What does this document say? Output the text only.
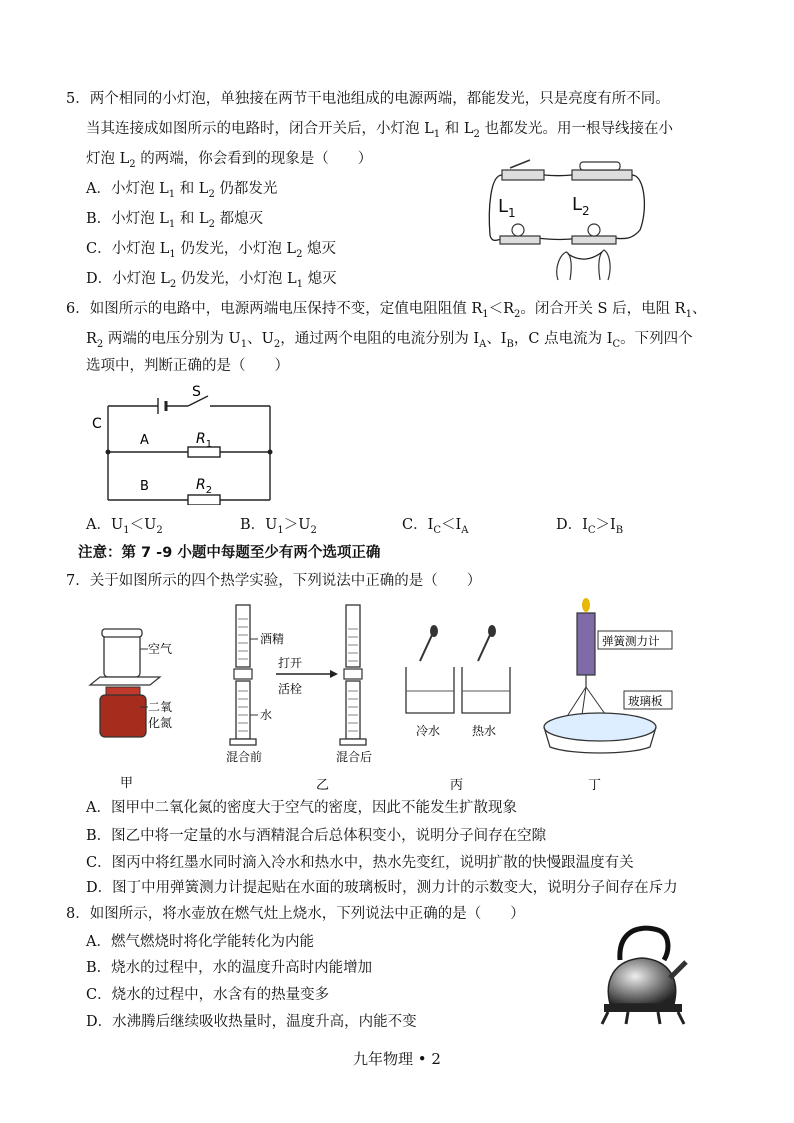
5．两个相同的小灯泡，单独接在两节干电池组成的电源两端，都能发光，只是亮度有所不同。
当其连接成如图所示的电路时，闭合开关后，小灯泡 $L_1$ 和 $L_2$ 也都发光。用一根导线接在小
灯泡 $L_2$ 的两端，你会看到的现象是（　　）
A．小灯泡 $L_1$ 和 $L_2$ 仍都发光
B．小灯泡 $L_1$ 和 $L_2$ 都熄灭
C．小灯泡 $L_1$ 仍发光，小灯泡 $L_2$ 熄灭
D．小灯泡 $L_2$ 仍发光，小灯泡 $L_1$ 熄灭
$L_1$	$L_2$
6．如图所示的电路中，电源两端电压保持不变，定值电阻阻值 $R_1<R_2$。闭合开关 S 后，电阻 $R_1$、
$R_2$ 两端的电压分别为 $U_1$、$U_2$，通过两个电阻的电流分别为 $I_A$、$I_B$，C 点电流为 $I_C$。下列四个
选项中，判断正确的是（　　）
S
C
A
B
$R_1$
$R_2$
A．$U_1<U_2$	B．$U_1>U_2$	C．$I_C<I_A$	D．$I_C>I_B$
注意：第 7 -9 小题中每题至少有两个选项正确
7．关于如图所示的四个热学实验，下列说法中正确的是（　　）
空气
二氧
化氮
甲
酒精
打开
活栓
水
混合前	混合后
乙
冷水	热水
丙
弹簧测力计
玻璃板
丁
A．图甲中二氧化氮的密度大于空气的密度，因此不能发生扩散现象
B．图乙中将一定量的水与酒精混合后总体积变小，说明分子间存在空隙
C．图丙中将红墨水同时滴入冷水和热水中，热水先变红，说明扩散的快慢跟温度有关
D．图丁中用弹簧测力计提起贴在水面的玻璃板时，测力计的示数变大，说明分子间存在斥力
8．如图所示，将水壶放在燃气灶上烧水，下列说法中正确的是（　　）
A．燃气燃烧时将化学能转化为内能
B．烧水的过程中，水的温度升高时内能增加
C．烧水的过程中，水含有的热量变多
D．水沸腾后继续吸收热量时，温度升高，内能不变
九年物理 • 2
